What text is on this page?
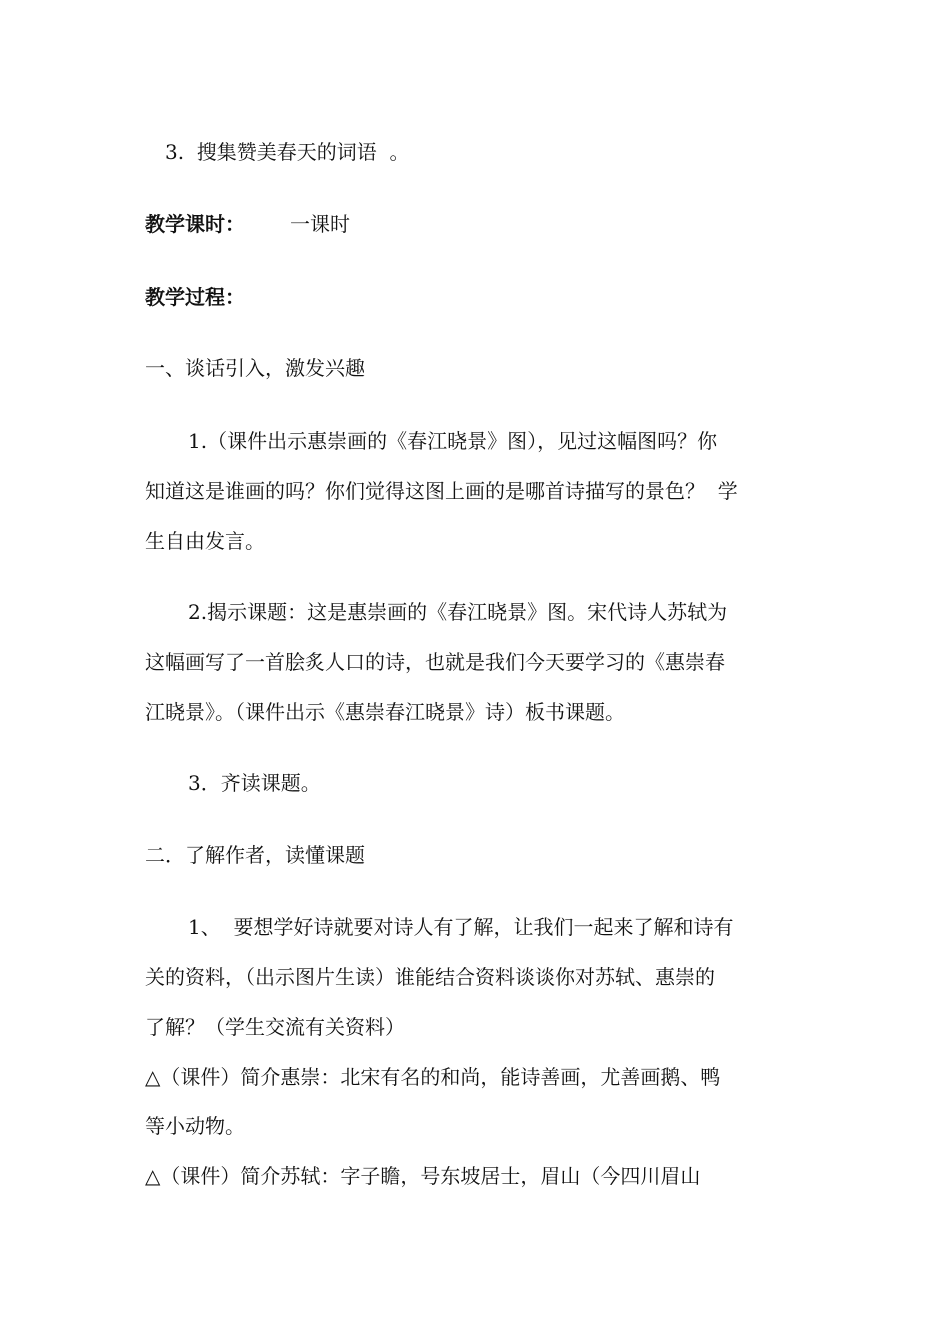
3.  搜集赞美春天的词语  。
教学课时： 一课时
教学过程：
一、谈话引入，激发兴趣
1.（课件出示惠崇画的《春江晓景》图），见过这幅图吗？你
知道这是谁画的吗？你们觉得这图上画的是哪首诗描写的景色？  学
生自由发言。
2.揭示课题：这是惠崇画的《春江晓景》图。宋代诗人苏轼为
这幅画写了一首脍炙人口的诗，也就是我们今天要学习的《惠崇春
江晓景》。（课件出示《惠崇春江晓景》诗）板书课题。
3．齐读课题。
二．了解作者，读懂课题
1、  要想学好诗就要对诗人有了解，让我们一起来了解和诗有
关的资料，（出示图片生读）谁能结合资料谈谈你对苏轼、惠崇的
了解？（学生交流有关资料）
△（课件）简介惠崇：北宋有名的和尚，能诗善画，尤善画鹅、鸭
等小动物。
△（课件）简介苏轼：字子瞻，号东坡居士，眉山（今四川眉山
